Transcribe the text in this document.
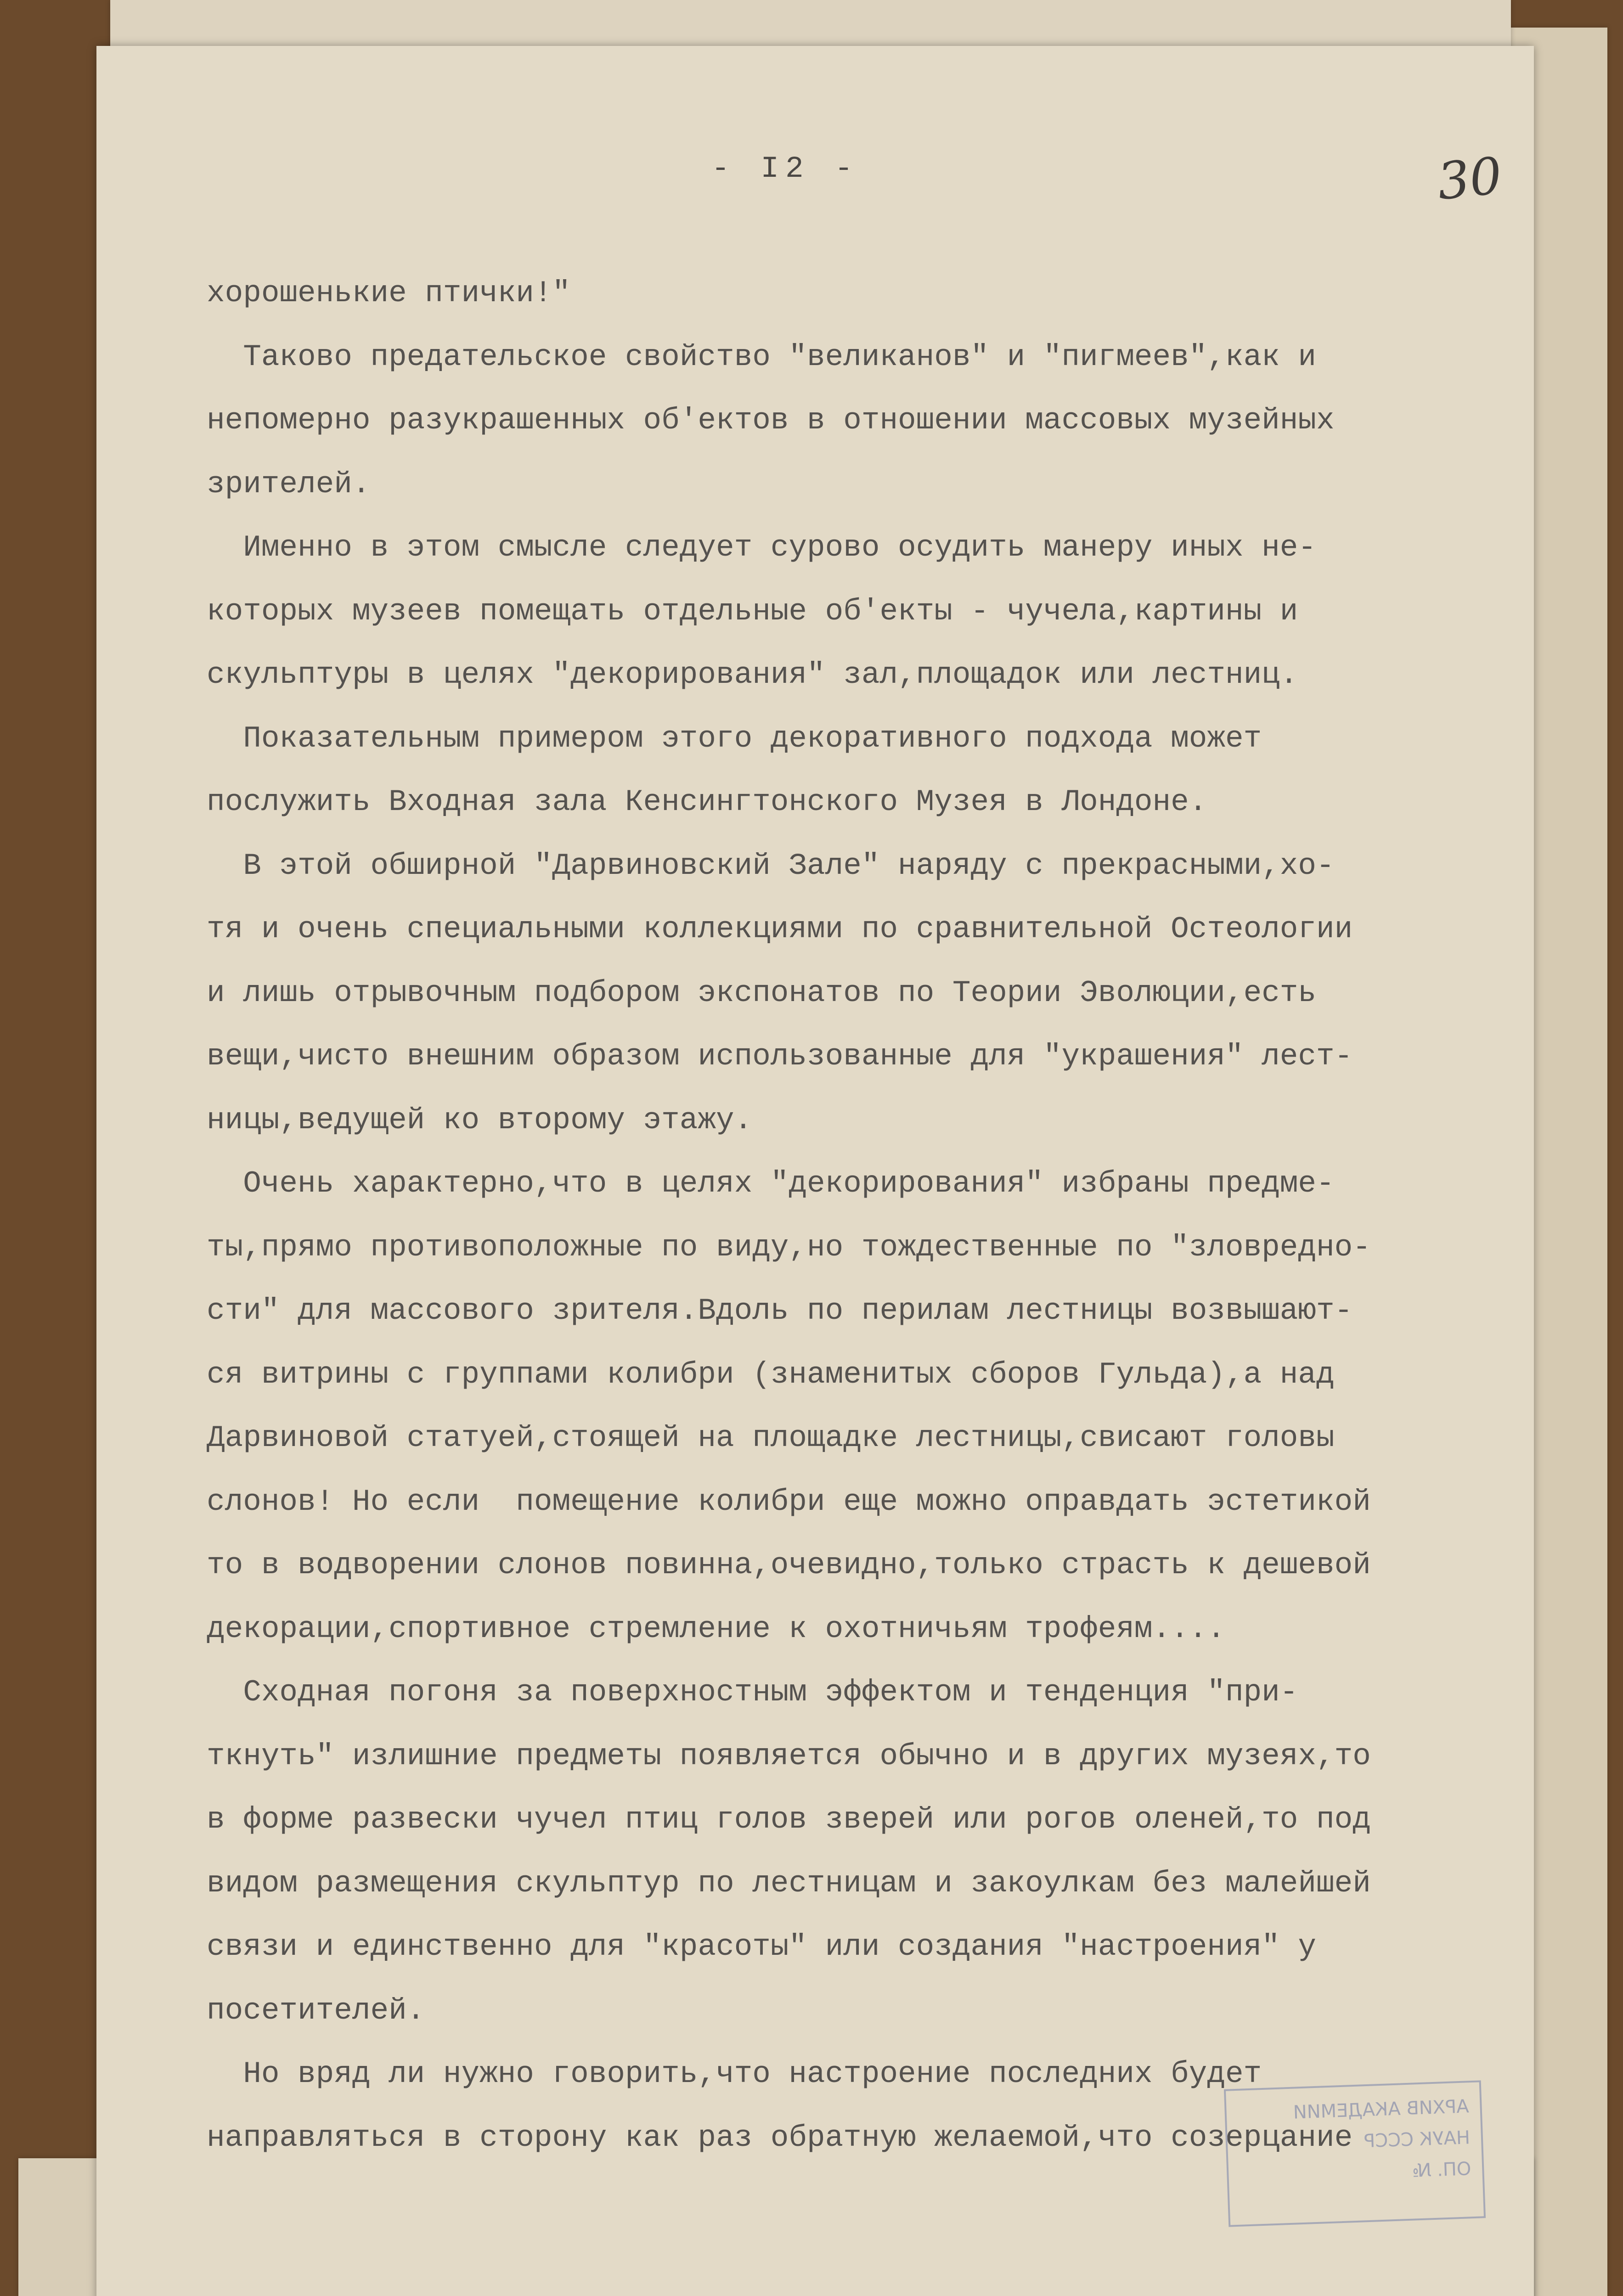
- I2 -	30
хорошенькие птички!"
Таково предательское свойство "великанов" и "пигмеев",как и
непомерно разукрашенных об'ектов в отношении массовых музейных
зрителей.
Именно в этом смысле следует сурово осудить манеру иных не-
которых музеев помещать отдельные об'екты - чучела,картины и
скульптуры в целях "декорирования" зал,площадок или лестниц.
Показательным примером этого декоративного подхода может
послужить Входная зала Кенсингтонского Музея в Лондоне.
В этой обширной "Дарвиновский Зале" наряду с прекрасными,хо-
тя и очень специальными коллекциями по сравнительной Остеологии
и лишь отрывочным подбором экспонатов по Теории Эволюции,есть
вещи,чисто внешним образом использованные для "украшения" лест-
ницы,ведущей ко второму этажу.
Очень характерно,что в целях "декорирования" избраны предме-
ты,прямо противоположные по виду,но тождественные по "зловредно-
сти" для массового зрителя.Вдоль по перилам лестницы возвышают-
ся витрины с группами колибри (знаменитых сборов Гульда),а над
Дарвиновой статуей,стоящей на площадке лестницы,свисают головы
слонов! Но если  помещение колибри еще можно оправдать эстетикой
то в водворении слонов повинна,очевидно,только страсть к дешевой
декорации,спортивное стремление к охотничьям трофеям....
Сходная погоня за поверхностным эффектом и тенденция "при-
ткнуть" излишние предметы появляется обычно и в других музеях,то
в форме развески чучел птиц голов зверей или рогов оленей,то под
видом размещения скульптур по лестницам и закоулкам без малейшей
связи и единственно для "красоты" или создания "настроения" у
посетителей.
Но вряд ли нужно говорить,что настроение последних будет
направляться в сторону как раз обратную желаемой,что созерцание
АРХИВ АКАДЕМИИ
НАУК СССР
ОП. №
